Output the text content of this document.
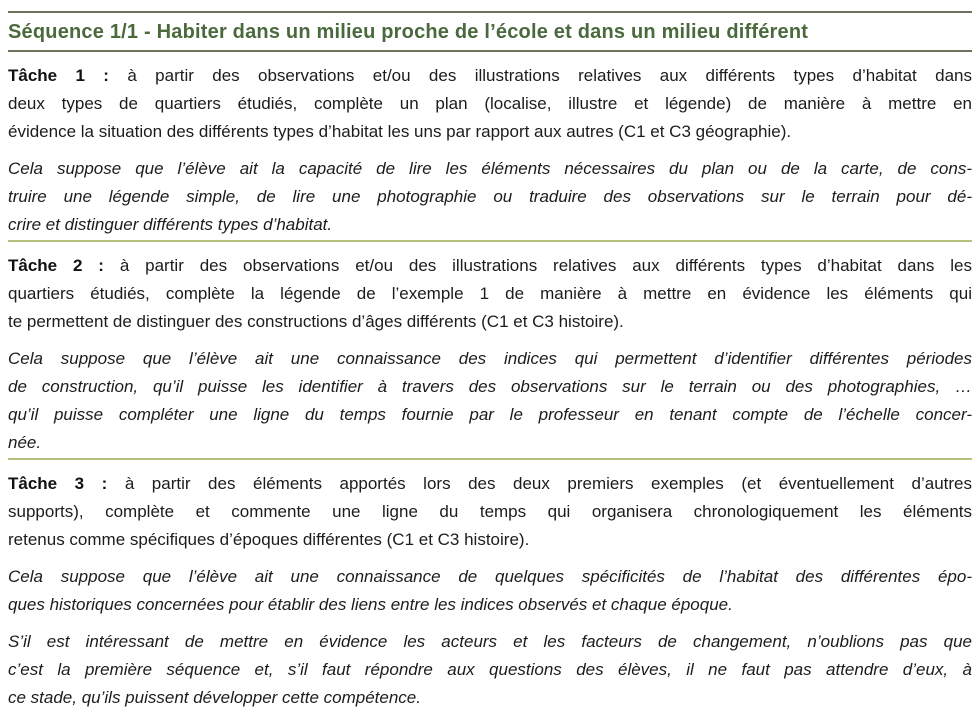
Séquence 1/1 - Habiter dans un milieu proche de l’école et dans un milieu différent

Tâche 1 : à partir des observations et/ou des illustrations relatives aux différents types d’habitat dans
deux types de quartiers étudiés, complète un plan (localise, illustre et légende) de manière à mettre en
évidence la situation des différents types d’habitat les uns par rapport aux autres (C1 et C3 géographie).

Cela suppose que l’élève ait la capacité de lire les éléments nécessaires du plan ou de la carte, de cons-
truire une légende simple, de lire une photographie ou traduire des observations sur le terrain pour dé-
crire et distinguer différents types d’habitat.

Tâche 2 : à partir des observations et/ou des illustrations relatives aux différents types d’habitat dans les
quartiers étudiés, complète la légende de l’exemple 1 de manière à mettre en évidence les éléments qui
te permettent de distinguer des constructions d’âges différents (C1 et C3 histoire).

Cela suppose que l’élève ait une connaissance des indices qui permettent d’identifier différentes périodes
de construction, qu’il puisse les identifier à travers des observations sur le terrain ou des photographies, …
qu’il puisse compléter une ligne du temps fournie par le professeur en tenant compte de l’échelle concer-
née.

Tâche 3 : à partir des éléments apportés lors des deux premiers exemples (et éventuellement d’autres
supports), complète et commente une ligne du temps qui organisera chronologiquement les éléments
retenus comme spécifiques d’époques différentes (C1 et C3 histoire).

Cela suppose que l’élève ait une connaissance de quelques spécificités de l’habitat des différentes épo-
ques historiques concernées pour établir des liens entre les indices observés et chaque époque.

S’il est intéressant de mettre en évidence les acteurs et les facteurs de changement, n’oublions pas que
c’est la première séquence et, s’il faut répondre aux questions des élèves, il ne faut pas attendre d’eux, à
ce stade, qu’ils puissent développer cette compétence.
